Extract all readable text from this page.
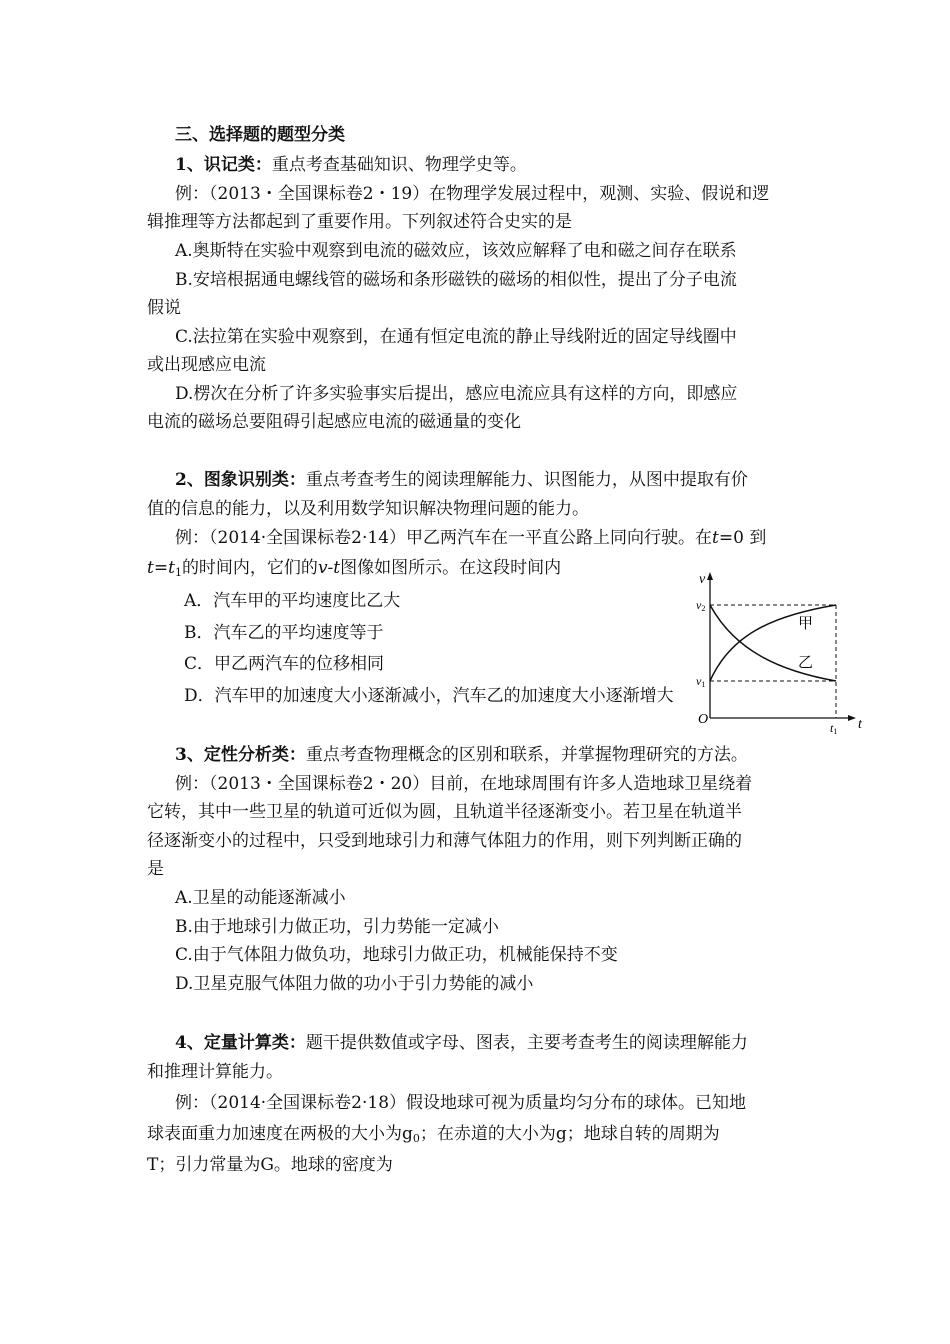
三、选择题的题型分类
1、识记类：重点考查基础知识、物理学史等。
例：（2013・全国课标卷2・19）在物理学发展过程中，观测、实验、假说和逻
辑推理等方法都起到了重要作用。下列叙述符合史实的是
A.奥斯特在实验中观察到电流的磁效应，该效应解释了电和磁之间存在联系
B.安培根据通电螺线管的磁场和条形磁铁的磁场的相似性，提出了分子电流
假说
C.法拉第在实验中观察到，在通有恒定电流的静止导线附近的固定导线圈中
或出现感应电流
D.楞次在分析了许多实验事实后提出，感应电流应具有这样的方向，即感应
电流的磁场总要阻碍引起感应电流的磁通量的变化
2、图象识别类：重点考查考生的阅读理解能力、识图能力，从图中提取有价
值的信息的能力，以及利用数学知识解决物理问题的能力。
例：（2014·全国课标卷2·14）甲乙两汽车在一平直公路上同向行驶。在t=0 到
$t=t_1$的时间内，它们的v-t图像如图所示。在这段时间内
A．汽车甲的平均速度比乙大
B．汽车乙的平均速度等于
C．甲乙两汽车的位移相同
D．汽车甲的加速度大小逐渐减小，汽车乙的加速度大小逐渐增大
v
t
O
v2
v1
t1
甲
乙
3、定性分析类：重点考查物理概念的区别和联系，并掌握物理研究的方法。
例：（2013・全国课标卷2・20）目前，在地球周围有许多人造地球卫星绕着
它转，其中一些卫星的轨道可近似为圆，且轨道半径逐渐变小。若卫星在轨道半
径逐渐变小的过程中，只受到地球引力和薄气体阻力的作用，则下列判断正确的
是
A.卫星的动能逐渐减小
B.由于地球引力做正功，引力势能一定减小
C.由于气体阻力做负功，地球引力做正功，机械能保持不变
D.卫星克服气体阻力做的功小于引力势能的减小
4、定量计算类：题干提供数值或字母、图表，主要考查考生的阅读理解能力
和推理计算能力。
例：（2014·全国课标卷2·18）假设地球可视为质量均匀分布的球体。已知地
球表面重力加速度在两极的大小为$g_0$；在赤道的大小为g；地球自转的周期为
T；引力常量为G。地球的密度为
